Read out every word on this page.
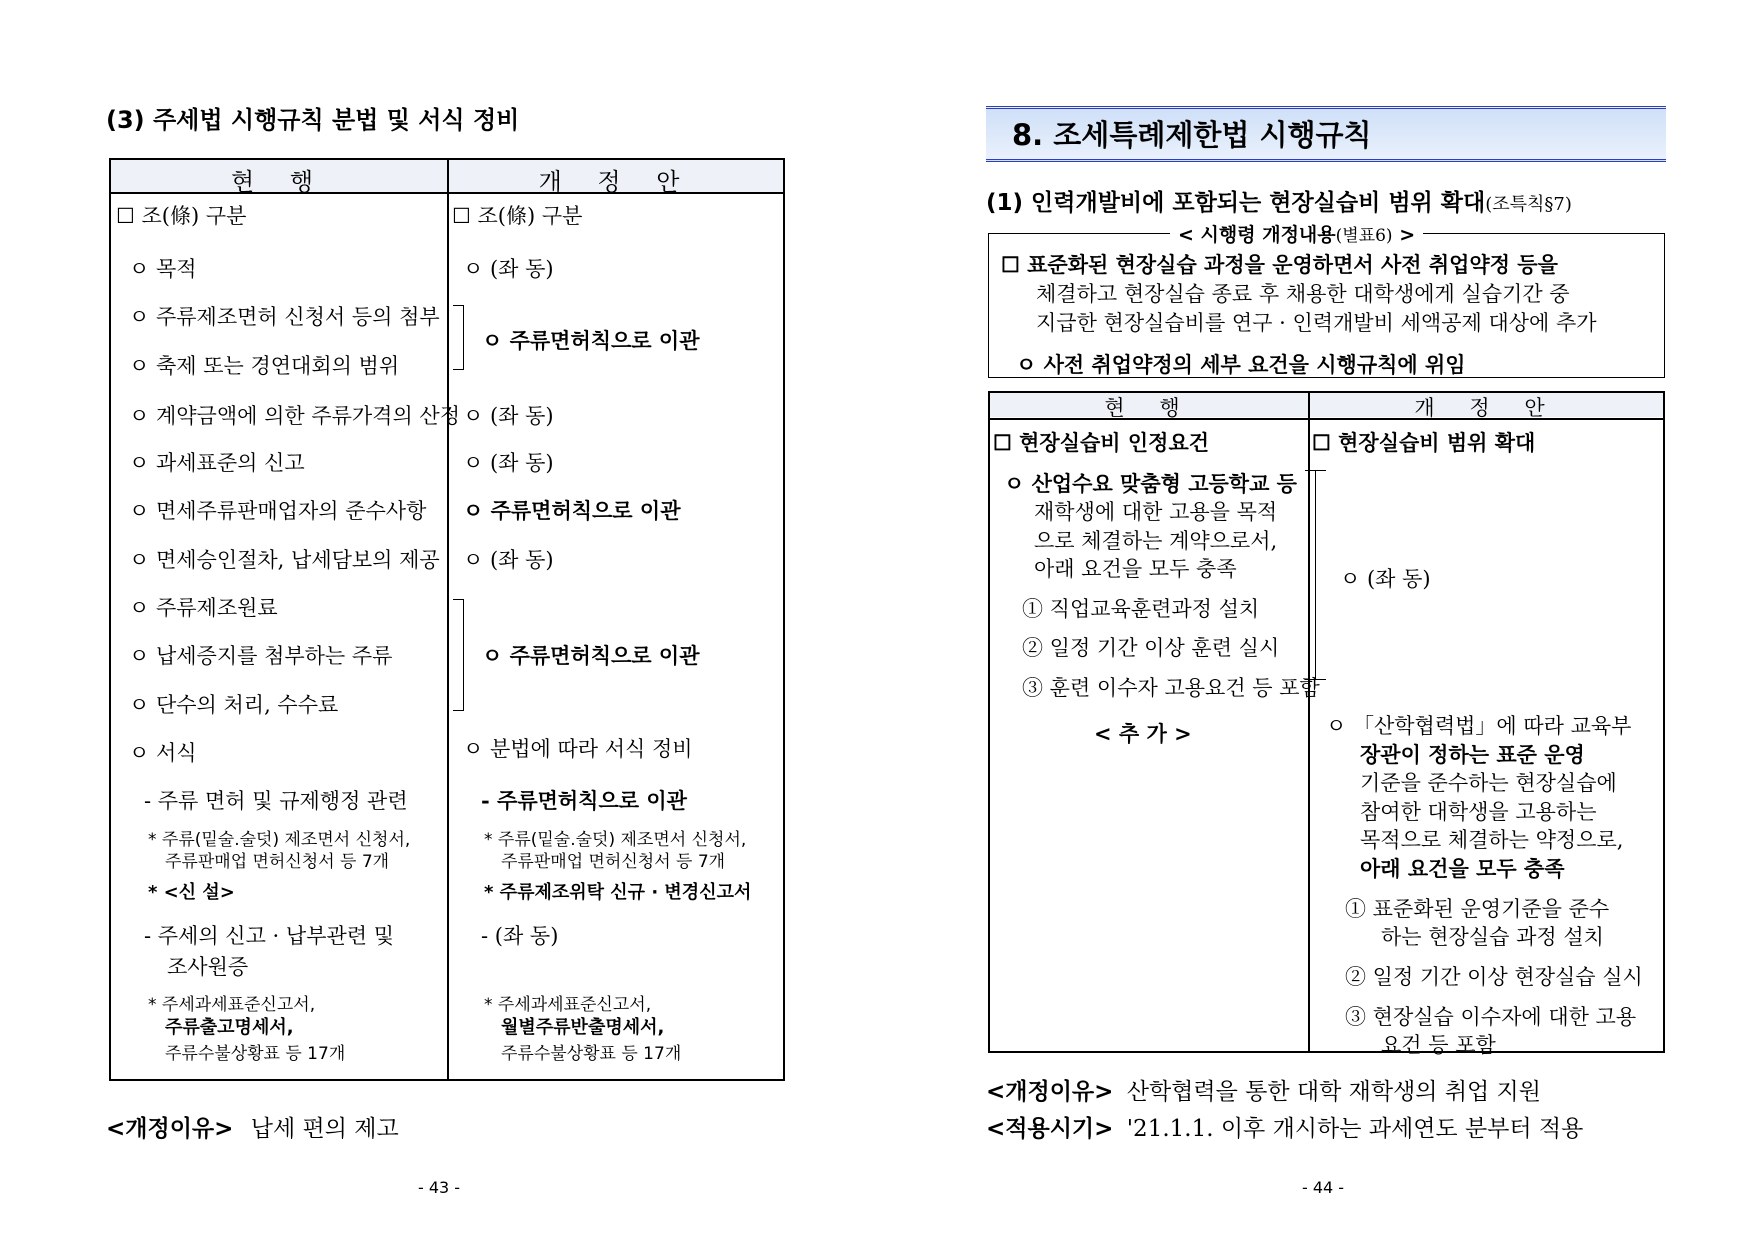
(3) 주세법 시행규칙 분법 및 서식 정비
현 행	개 정 안
☐ 조(條) 구분
ㅇ 목적
ㅇ 주류제조면허 신청서 등의 첨부
ㅇ 축제 또는 경연대회의 범위
ㅇ 계약금액에 의한 주류가격의 산정
ㅇ 과세표준의 신고
ㅇ 면세주류판매업자의 준수사항
ㅇ 면세승인절차, 납세담보의 제공
ㅇ 주류제조원료
ㅇ 납세증지를 첨부하는 주류
ㅇ 단수의 처리, 수수료
ㅇ 서식
- 주류 면허 및 규제행정 관련
* 주류(밑술.술덧) 제조면서 신청서,
주류판매업 면허신청서 등 7개
* <신 설>
- 주세의 신고 · 납부관련 및
조사원증
* 주세과세표준신고서,
주류출고명세서,
주류수불상황표 등 17개
☐ 조(條) 구분
ㅇ (좌 동)
ㅇ 주류면허칙으로 이관
ㅇ (좌 동)
ㅇ (좌 동)
ㅇ 주류면허칙으로 이관
ㅇ (좌 동)
ㅇ 주류면허칙으로 이관
ㅇ 분법에 따라 서식 정비
- 주류면허칙으로 이관
* 주류(밑술.술덧) 제조면서 신청서,
주류판매업 면허신청서 등 7개
* 주류제조위탁 신규 · 변경신고서
- (좌 동)
* 주세과세표준신고서,
월별주류반출명세서,
주류수불상황표 등 17개
<개정이유> 납세 편의 제고
- 43 -
8. 조세특례제한법 시행규칙
(1) 인력개발비에 포함되는 현장실습비 범위 확대(조특칙§7)
< 시행령 개정내용(별표6) >
☐ 표준화된 현장실습 과정을 운영하면서 사전 취업약정 등을
체결하고 현장실습 종료 후 채용한 대학생에게 실습기간 중
지급한 현장실습비를 연구 · 인력개발비 세액공제 대상에 추가
ㅇ 사전 취업약정의 세부 요건을 시행규칙에 위임
현 행	개 정 안
☐ 현장실습비 인정요건
ㅇ 산업수요 맞춤형 고등학교 등
재학생에 대한 고용을 목적
으로 체결하는 계약으로서,
아래 요건을 모두 충족
① 직업교육훈련과정 설치
② 일정 기간 이상 훈련 실시
③ 훈련 이수자 고용요건 등 포함
< 추 가 >
☐ 현장실습비 범위 확대
ㅇ (좌 동)
ㅇ 「산학협력법」에 따라 교육부
장관이 정하는 표준 운영
기준을 준수하는 현장실습에
참여한 대학생을 고용하는
목적으로 체결하는 약정으로,
아래 요건을 모두 충족
① 표준화된 운영기준을 준수
하는 현장실습 과정 설치
② 일정 기간 이상 현장실습 실시
③ 현장실습 이수자에 대한 고용
요건 등 포함
<개정이유> 산학협력을 통한 대학 재학생의 취업 지원
<적용시기> '21.1.1. 이후 개시하는 과세연도 분부터 적용
- 44 -
